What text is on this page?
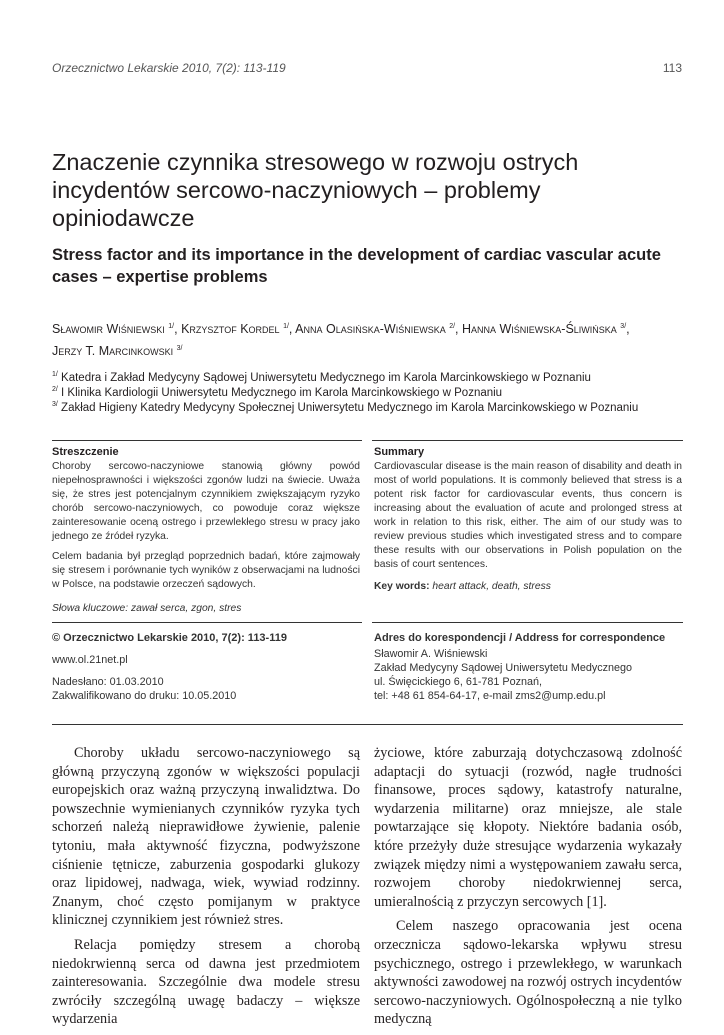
Orzecznictwo Lekarskie 2010, 7(2): 113-119	113
Znaczenie czynnika stresowego w rozwoju ostrych incydentów sercowo‑naczyniowych – problemy opiniodawcze
Stress factor and its importance in the development of cardiac vascular acute cases – expertise problems
Sławomir Wiśniewski $^{1/}$, Krzysztof Kordel $^{1/}$, Anna Olasińska-Wiśniewska $^{2/}$, Hanna Wiśniewska-Śliwińska $^{3/}$,
Jerzy T. Marcinkowski $^{3/}$
$^{1/}$ Katedra i Zakład Medycyny Sądowej Uniwersytetu Medycznego im Karola Marcinkowskiego w Poznaniu
$^{2/}$ I Klinika Kardiologii Uniwersytetu Medycznego im Karola Marcinkowskiego w Poznaniu
$^{3/}$ Zakład Higieny Katedry Medycyny Społecznej Uniwersytetu Medycznego im Karola Marcinkowskiego w Poznaniu
Streszczenie

Choroby sercowo-naczyniowe stanowią główny powód niepełnosprawności i większości zgonów ludzi na świecie. Uważa się, że stres jest potencjalnym czynnikiem zwiększającym ryzyko chorób sercowo-naczyniowych, co powoduje coraz większe zainteresowanie oceną ostrego i przewlekłego stresu w pracy jako jednego ze źródeł ryzyka.

Celem badania był przegląd poprzednich badań, które zajmowały się stresem i porównanie tych wyników z obserwacjami na ludności w Polsce, na podstawie orzeczeń sądowych.

Słowa kluczowe: zawał serca, zgon, stres

Summary

Cardiovascular disease is the main reason of disability and death in most of world populations. It is commonly believed that stress is a potent risk factor for cardiovascular events, thus concern is increasing about the evaluation of acute and prolonged stress at work in relation to this risk, either. The aim of our study was to review previous studies which investigated stress and to compare these results with our observations in Polish population on the basis of court sentences.

Key words: heart attack, death, stress

© Orzecznictwo Lekarskie 2010, 7(2): 113-119
www.ol.21net.pl
Nadesłano: 01.03.2010
Zakwalifikowano do druku: 10.05.2010
Adres do korespondencji / Address for correspondence
Sławomir A. Wiśniewski
Zakład Medycyny Sądowej Uniwersytetu Medycznego
ul. Święcickiego 6, 61-781 Poznań,
tel: +48 61 854-64-17, e-mail zms2@ump.edu.pl

Choroby układu sercowo-naczyniowego są główną przyczyną zgonów w większości populacji europejskich oraz ważną przyczyną inwalidztwa. Do powszechnie wymienianych czynników ryzyka tych schorzeń należą nieprawidłowe żywienie, palenie tytoniu, mała aktywność fizyczna, podwyższone ciśnienie tętnicze, zaburzenia gospodarki glukozy oraz lipidowej, nadwaga, wiek, wywiad rodzinny. Znanym, choć często pomijanym w praktyce klinicznej czynnikiem jest również stres.

Relacja pomiędzy stresem a chorobą niedokrwienną serca od dawna jest przedmiotem zainteresowania. Szczególnie dwa modele stresu zwróciły szczególną uwagę badaczy – większe wydarzenia

życiowe, które zaburzają dotychczasową zdolność adaptacji do sytuacji (rozwód, nagłe trudności finansowe, proces sądowy, katastrofy naturalne, wydarzenia militarne) oraz mniejsze, ale stale powtarzające się kłopoty. Niektóre badania osób, które przeżyły duże stresujące wydarzenia wykazały związek między nimi a występowaniem zawału serca, rozwojem choroby niedokrwiennej serca, umieralnością z przyczyn sercowych [1].

Celem naszego opracowania jest ocena orzecznicza sądowo-lekarska wpływu stresu psychicznego, ostrego i przewlekłego, w warunkach aktywności zawodowej na rozwój ostrych incydentów sercowo-naczyniowych. Ogólnospołeczną a nie tylko medyczną
